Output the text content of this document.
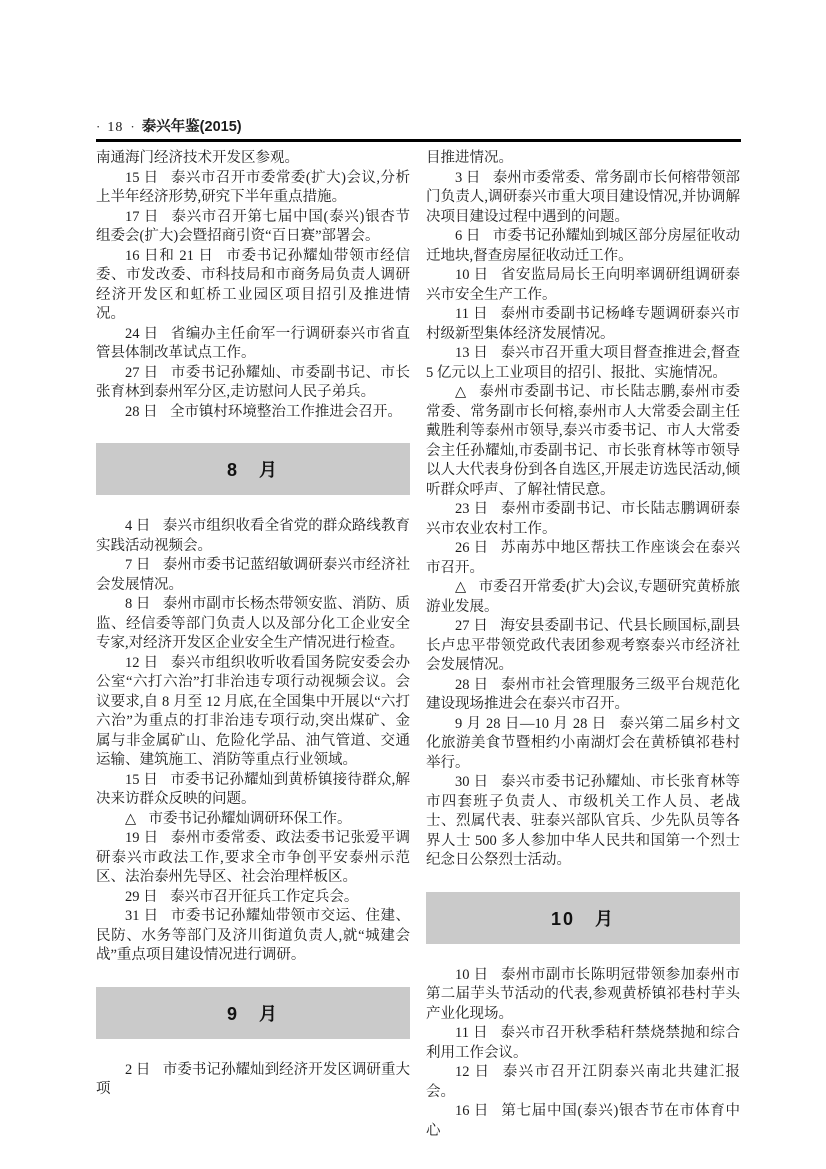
· 18 · 泰兴年鉴(2015)

南通海门经济技术开发区参观。

15 日 泰兴市召开市委常委(扩大)会议,分析上半年经济形势,研究下半年重点措施。

17 日 泰兴市召开第七届中国(泰兴)银杏节组委会(扩大)会暨招商引资“百日赛”部署会。

16 日和 21 日 市委书记孙耀灿带领市经信委、市发改委、市科技局和市商务局负责人调研经济开发区和虹桥工业园区项目招引及推进情况。

24 日 省编办主任俞军一行调研泰兴市省直管县体制改革试点工作。

27 日 市委书记孙耀灿、市委副书记、市长张育林到泰州军分区,走访慰问人民子弟兵。

28 日 全市镇村环境整治工作推进会召开。

8　月

4 日 泰兴市组织收看全省党的群众路线教育实践活动视频会。

7 日 泰州市委书记蓝绍敏调研泰兴市经济社会发展情况。

8 日 泰州市副市长杨杰带领安监、消防、质监、经信委等部门负责人以及部分化工企业安全专家,对经济开发区企业安全生产情况进行检查。

12 日 泰兴市组织收听收看国务院安委会办公室“六打六治”打非治违专项行动视频会议。会议要求,自 8 月至 12 月底,在全国集中开展以“六打六治”为重点的打非治违专项行动,突出煤矿、金属与非金属矿山、危险化学品、油气管道、交通运输、建筑施工、消防等重点行业领域。

15 日 市委书记孙耀灿到黄桥镇接待群众,解决来访群众反映的问题。

△ 市委书记孙耀灿调研环保工作。

19 日 泰州市委常委、政法委书记张爱平调研泰兴市政法工作,要求全市争创平安泰州示范区、法治泰州先导区、社会治理样板区。

29 日 泰兴市召开征兵工作定兵会。

31 日 市委书记孙耀灿带领市交运、住建、民防、水务等部门及济川街道负责人,就“城建会战”重点项目建设情况进行调研。

9　月

2 日 市委书记孙耀灿到经济开发区调研重大项

目推进情况。

3 日 泰州市委常委、常务副市长何榕带领部门负责人,调研泰兴市重大项目建设情况,并协调解决项目建设过程中遇到的问题。

6 日 市委书记孙耀灿到城区部分房屋征收动迁地块,督查房屋征收动迁工作。

10 日 省安监局局长王向明率调研组调研泰兴市安全生产工作。

11 日 泰州市委副书记杨峰专题调研泰兴市村级新型集体经济发展情况。

13 日 泰兴市召开重大项目督查推进会,督查 5 亿元以上工业项目的招引、报批、实施情况。

△ 泰州市委副书记、市长陆志鹏,泰州市委常委、常务副市长何榕,泰州市人大常委会副主任戴胜利等泰州市领导,泰兴市委书记、市人大常委会主任孙耀灿,市委副书记、市长张育林等市领导以人大代表身份到各自选区,开展走访选民活动,倾听群众呼声、了解社情民意。

23 日 泰州市委副书记、市长陆志鹏调研泰兴市农业农村工作。

26 日 苏南苏中地区帮扶工作座谈会在泰兴市召开。

△ 市委召开常委(扩大)会议,专题研究黄桥旅游业发展。

27 日 海安县委副书记、代县长顾国标,副县长卢忠平带领党政代表团参观考察泰兴市经济社会发展情况。

28 日 泰州市社会管理服务三级平台规范化建设现场推进会在泰兴市召开。

9 月 28 日—10 月 28 日 泰兴第二届乡村文化旅游美食节暨相约小南湖灯会在黄桥镇祁巷村举行。

30 日 泰兴市委书记孙耀灿、市长张育林等市四套班子负责人、市级机关工作人员、老战士、烈属代表、驻泰兴部队官兵、少先队员等各界人士 500 多人参加中华人民共和国第一个烈士纪念日公祭烈士活动。

10　月

10 日 泰州市副市长陈明冠带领参加泰州市第二届芋头节活动的代表,参观黄桥镇祁巷村芋头产业化现场。

11 日 泰兴市召开秋季秸秆禁烧禁抛和综合利用工作会议。

12 日 泰兴市召开江阴泰兴南北共建汇报会。

16 日 第七届中国(泰兴)银杏节在市体育中心
